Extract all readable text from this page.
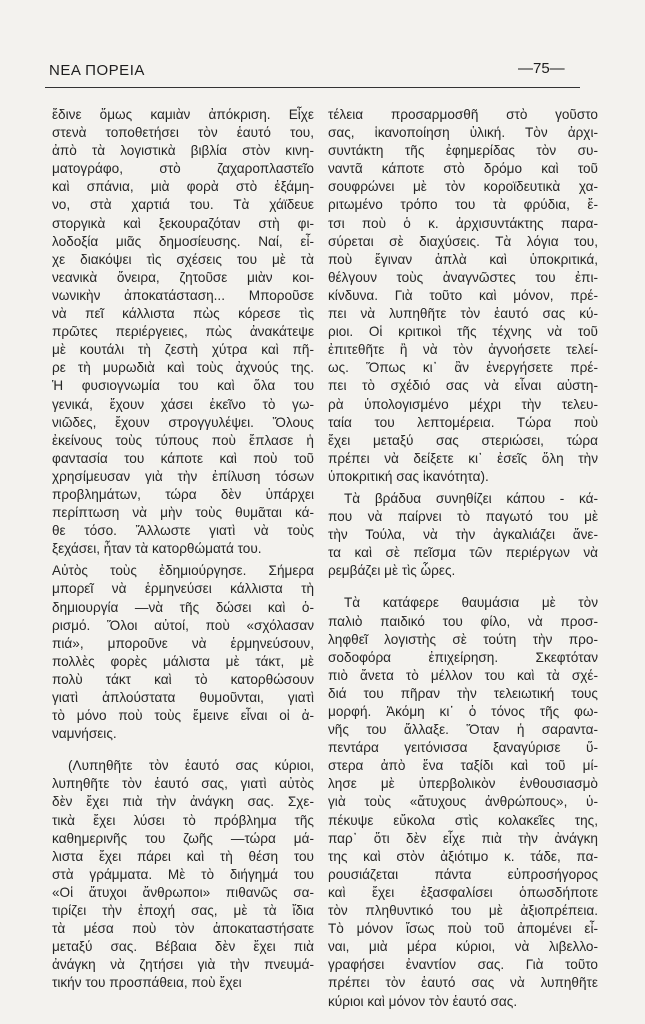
ΝΕΑ ΠΟΡΕΙΑ	—75—
ἔδινε ὅμως καμιὰν ἀπόκριση. Εἶχε
στενὰ τοποθετήσει τὸν ἑαυτό του,
ἀπὸ τὰ λογιστικὰ βιβλία στὸν κινη-
ματογράφο, στὸ ζαχαροπλαστεῖο
καὶ σπάνια, μιὰ φορὰ στὸ ἑξάμη-
νο, στὰ χαρτιά του. Τὰ χάϊδευε
στοργικὰ καὶ ξεκουραζόταν στὴ φι-
λοδοξία μιᾶς δημοσίευσης. Ναί, εἶ-
χε διακόψει τὶς σχέσεις του μὲ τὰ
νεανικὰ ὄνειρα, ζητοῦσε μιὰν κοι-
νωνικὴν ἀποκατάσταση... Μποροῦσε
νὰ πεῖ κάλλιστα πὼς κόρεσε τὶς
πρῶτες περιέργειες, πὼς ἀνακάτεψε
μὲ κουτάλι τὴ ζεστὴ χύτρα καὶ πῆ-
ρε τὴ μυρωδιὰ καὶ τοὺς ἀχνούς της.
Ἡ φυσιογνωμία του καὶ ὅλα του
γενικά, ἔχουν χάσει ἐκεῖνο τὸ γω-
νιῶδες, ἔχουν στρογγυλέψει. Ὅλους
ἐκείνους τοὺς τύπους ποὺ ἔπλασε ἡ
φαντασία του κάποτε καὶ ποὺ τοῦ
χρησίμευσαν γιὰ τὴν ἐπίλυση τόσων
προβλημάτων, τώρα δὲν ὑπάρχει
περίπτωση νὰ μὴν τοὺς θυμᾶται κά-
θε τόσο. Ἄλλωστε γιατὶ νὰ τοὺς
ξεχάσει, ἦταν τὰ κατορθώματά του.
Αὐτὸς τοὺς ἐδημιούργησε. Σήμερα
μπορεῖ νὰ ἑρμηνεύσει κάλλιστα τὴ
δημιουργία —νὰ τῆς δώσει καὶ ὁ-
ρισμό. Ὅλοι αὐτοί, ποὺ «σχόλασαν
πιά», μποροῦνε νὰ ἑρμηνεύσουν,
πολλὲς φορὲς μάλιστα μὲ τάκτ, μὲ
πολὺ τάκτ καὶ τὸ κατορθώσουν
γιατὶ ἁπλούστατα θυμοῦνται, γιατὶ
τὸ μόνο ποὺ τοὺς ἔμεινε εἶναι οἱ ἀ-
ναμνήσεις.
(Λυπηθῆτε τὸν ἑαυτό σας κύριοι,
λυπηθῆτε τὸν ἑαυτό σας, γιατὶ αὐτὸς
δὲν ἔχει πιὰ τὴν ἀνάγκη σας. Σχε-
τικὰ ἔχει λύσει τὸ πρόβλημα τῆς
καθημερινῆς του ζωῆς —τώρα μά-
λιστα ἔχει πάρει καὶ τὴ θέση του
στὰ γράμματα. Μὲ τὸ διήγημά του
«Οἱ ἄτυχοι ἄνθρωποι» πιθανῶς σα-
τιρίζει τὴν ἐποχή σας, μὲ τὰ ἴδια
τὰ μέσα ποὺ τὸν ἀποκαταστήσατε
μεταξύ σας. Βέβαια δὲν ἔχει πιὰ
ἀνάγκη νὰ ζητήσει γιὰ τὴν πνευμά-
τικήν του προσπάθεια, ποὺ ἔχει
τέλεια προσαρμοσθῆ στὸ γοῦστο
σας, ἱκανοποίηση ὑλική. Τὸν ἀρχι-
συντάκτη τῆς ἐφημερίδας τὸν συ-
ναντᾶ κάποτε στὸ δρόμο καὶ τοῦ
σουφρώνει μὲ τὸν κοροϊδευτικὰ χα-
ριτωμένο τρόπο του τὰ φρύδια, ἔ-
τσι ποὺ ὁ κ. ἀρχισυντάκτης παρα-
σύρεται σὲ διαχύσεις. Τὰ λόγια του,
ποὺ ἔγιναν ἁπλὰ καὶ ὑποκριτικά,
θέλγουν τοὺς ἀναγνῶστες του ἐπι-
κίνδυνα. Γιὰ τοῦτο καὶ μόνον, πρέ-
πει νὰ λυπηθῆτε τὸν ἑαυτό σας κύ-
ριοι. Οἱ κριτικοὶ τῆς τέχνης νὰ τοῦ
ἐπιτεθῆτε ἢ νὰ τὸν ἀγνοήσετε τελεί-
ως. Ὅπως κι᾿ ἂν ἐνεργήσετε πρέ-
πει τὸ σχέδιό σας νὰ εἶναι αὐστη-
ρὰ ὑπολογισμένο μέχρι τὴν τελευ-
ταία του λεπτομέρεια. Τώρα ποὺ
ἔχει μεταξύ σας στεριώσει, τώρα
πρέπει νὰ δείξετε κι᾿ ἐσεῖς ὅλη τὴν
ὑποκριτική σας ἱκανότητα).
Τὰ βράδυα συνηθίζει κάπου - κά-
που νὰ παίρνει τὸ παγωτό του μὲ
τὴν Τούλα, νὰ τὴν ἀγκαλιάζει ἄνε-
τα καὶ σὲ πεῖσμα τῶν περιέργων νὰ
ρεμβάζει μὲ τὶς ὧρες.
Τὰ κατάφερε θαυμάσια μὲ τὸν
παλιὸ παιδικό του φίλο, νὰ προσ-
ληφθεῖ λογιστὴς σὲ τούτη τὴν προ-
σοδοφόρα ἐπιχείρηση. Σκεφτόταν
πιὸ ἄνετα τὸ μέλλον του καὶ τὰ σχέ-
διά του πῆραν τὴν τελειωτική τους
μορφή. Ἀκόμη κι᾿ ὁ τόνος τῆς φω-
νῆς του ἄλλαξε. Ὅταν ἡ σαραντα-
πεντάρα γειτόνισσα ξαναγύρισε ὕ-
στερα ἀπὸ ἕνα ταξίδι καὶ τοῦ μί-
λησε μὲ ὑπερβολικὸν ἐνθουσιασμὸ
γιὰ τοὺς «ἄτυχους ἀνθρώπους», ὑ-
πέκυψε εὔκολα στὶς κολακεῖες της,
παρ᾿ ὅτι δὲν εἶχε πιὰ τὴν ἀνάγκη
της καὶ στὸν ἀξιότιμο κ. τάδε, πα-
ρουσιάζεται πάντα εὐπροσήγορος
καὶ ἔχει ἐξασφαλίσει ὁπωσδήποτε
τὸν πληθυντικό του μὲ ἀξιοπρέπεια.
Τὸ μόνον ἴσως ποὺ τοῦ ἀπομένει εἶ-
ναι, μιὰ μέρα κύριοι, νὰ λιβελλο-
γραφήσει ἐναντίον σας. Γιὰ τοῦτο
πρέπει τὸν ἑαυτό σας νὰ λυπηθῆτε
κύριοι καὶ μόνον τὸν ἑαυτό σας.
